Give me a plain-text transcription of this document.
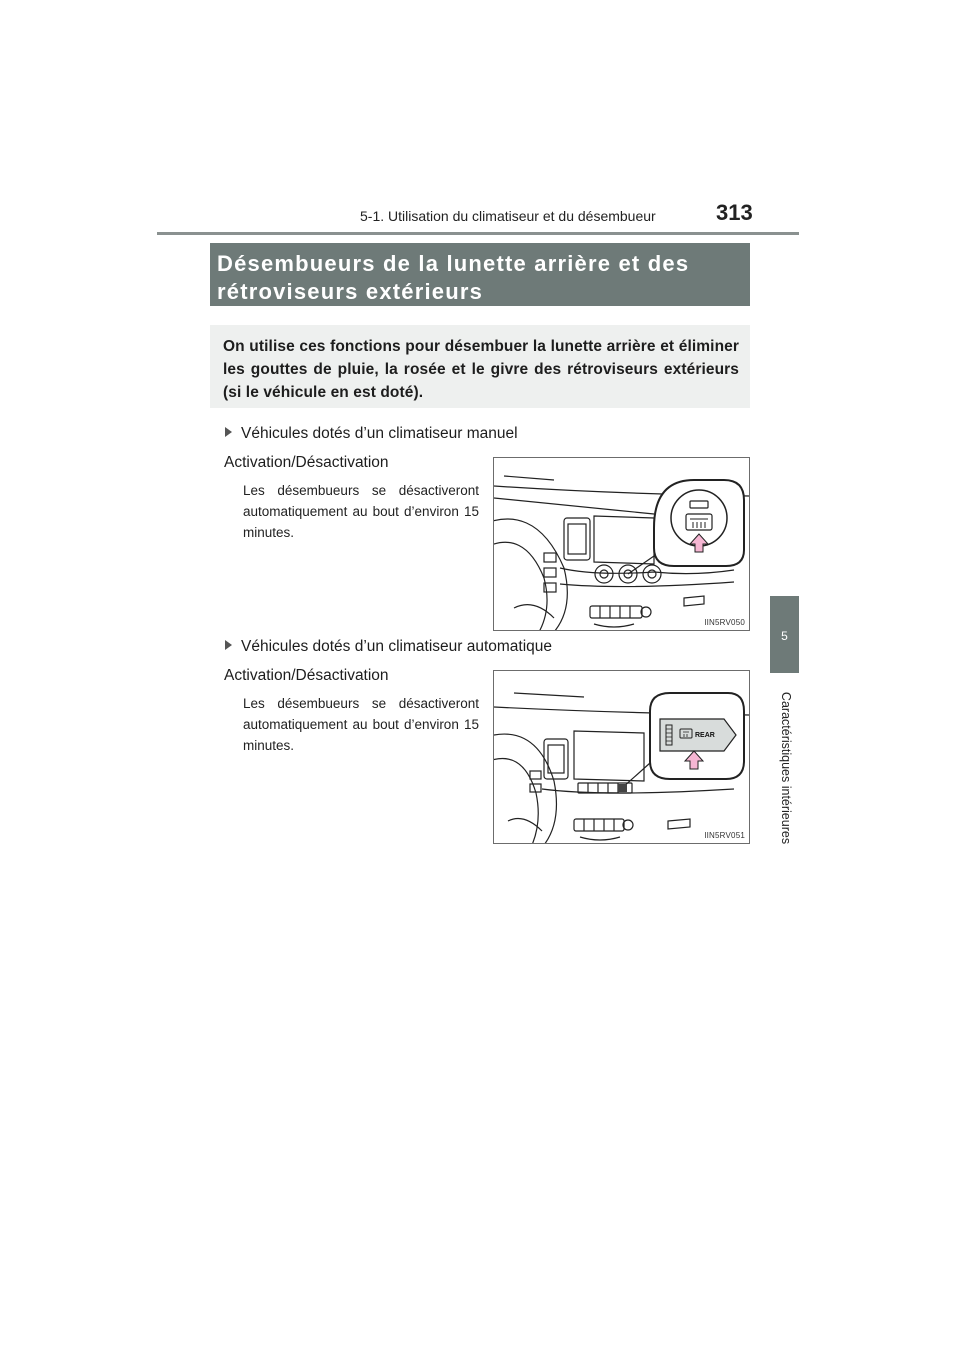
5-1. Utilisation du climatiseur et du désembueur	313
Désembueurs de la lunette arrière et des rétroviseurs extérieurs

On utilise ces fonctions pour désembuer la lunette arrière et éliminer les gouttes de pluie, la rosée et le givre des rétroviseurs extérieurs (si le véhicule en est doté).

Véhicules dotés d’un climatiseur manuel
Activation/Désactivation
Les désembueurs se désactiveront automatiquement au bout d’environ 15 minutes.
IIN5RV050
Véhicules dotés d’un climatiseur automatique
Activation/Désactivation
Les désembueurs se désactiveront automatiquement au bout d’environ 15 minutes.
REAR
IIN5RV051
5
Caractéristiques intérieures
